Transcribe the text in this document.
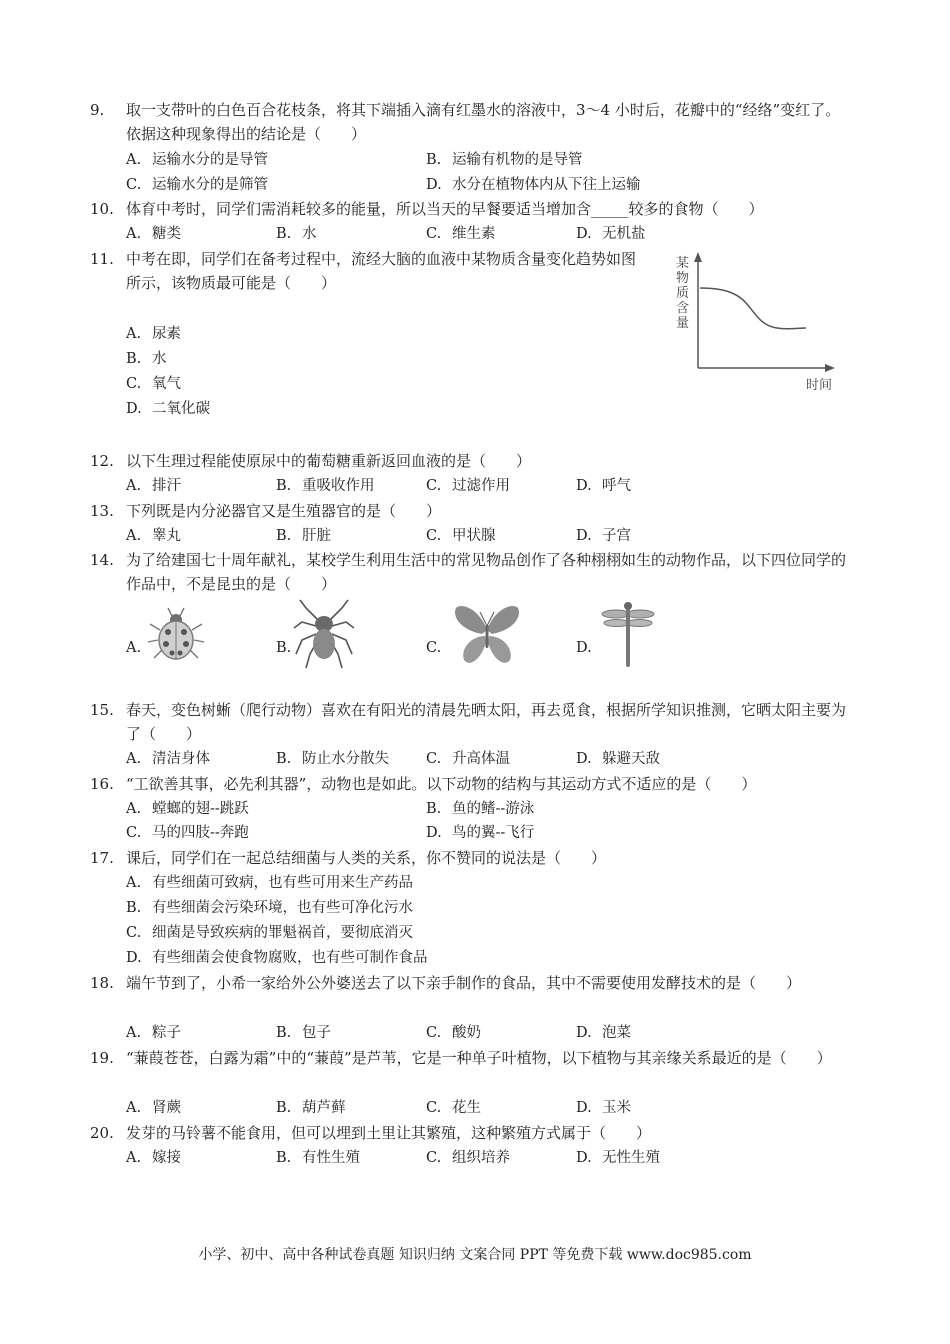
9. 取一支带叶的白色百合花枝条，将其下端插入滴有红墨水的溶液中，3～4 小时后，花瓣中的“经络”变红了。依据这种现象得出的结论是（　　）
A. 运输水分的是导管	B. 运输有机物的是导管
C. 运输水分的是筛管	D. 水分在植物体内从下往上运输
10. 体育中考时，同学们需消耗较多的能量，所以当天的早餐要适当增加含_____较多的食物（　　）
A. 糖类	B. 水	C. 维生素	D. 无机盐
11. 中考在即，同学们在备考过程中，流经大脑的血液中某物质含量变化趋势如图所示，该物质最可能是（　　）
A. 尿素
B. 水
C. 氧气
D. 二氧化碳
某物质含量
时间
12. 以下生理过程能使原尿中的葡萄糖重新返回血液的是（　　）
A. 排汗	B. 重吸收作用	C. 过滤作用	D. 呼气
13. 下列既是内分泌器官又是生殖器官的是（　　）
A. 睾丸	B. 肝脏	C. 甲状腺	D. 子宫
14. 为了给建国七十周年献礼，某校学生利用生活中的常见物品创作了各种栩栩如生的动物作品，以下四位同学的作品中，不是昆虫的是（　　）
A.	B.	C.	D.
15. 春天，变色树蜥（爬行动物）喜欢在有阳光的清晨先晒太阳，再去觅食，根据所学知识推测，它晒太阳主要为了（　　）
A. 清洁身体	B. 防止水分散失	C. 升高体温	D. 躲避天敌
16. “工欲善其事，必先利其器”，动物也是如此。以下动物的结构与其运动方式不适应的是（　　）
A. 螳螂的翅--跳跃	B. 鱼的鳍--游泳
C. 马的四肢--奔跑	D. 鸟的翼--飞行
17. 课后，同学们在一起总结细菌与人类的关系，你不赞同的说法是（　　）
A. 有些细菌可致病，也有些可用来生产药品
B. 有些细菌会污染环境，也有些可净化污水
C. 细菌是导致疾病的罪魁祸首，要彻底消灭
D. 有些细菌会使食物腐败，也有些可制作食品
18. 端午节到了，小希一家给外公外婆送去了以下亲手制作的食品，其中不需要使用发酵技术的是（　　）
A. 粽子	B. 包子	C. 酸奶	D. 泡菜
19. “蒹葭苍苍，白露为霜”中的“蒹葭”是芦苇，它是一种单子叶植物，以下植物与其亲缘关系最近的是（　　）
A. 肾蕨	B. 葫芦藓	C. 花生	D. 玉米
20. 发芽的马铃薯不能食用，但可以埋到土里让其繁殖，这种繁殖方式属于（　　）
A. 嫁接	B. 有性生殖	C. 组织培养	D. 无性生殖
小学、初中、高中各种试卷真题 知识归纳 文案合同 PPT 等免费下载 www.doc985.com
